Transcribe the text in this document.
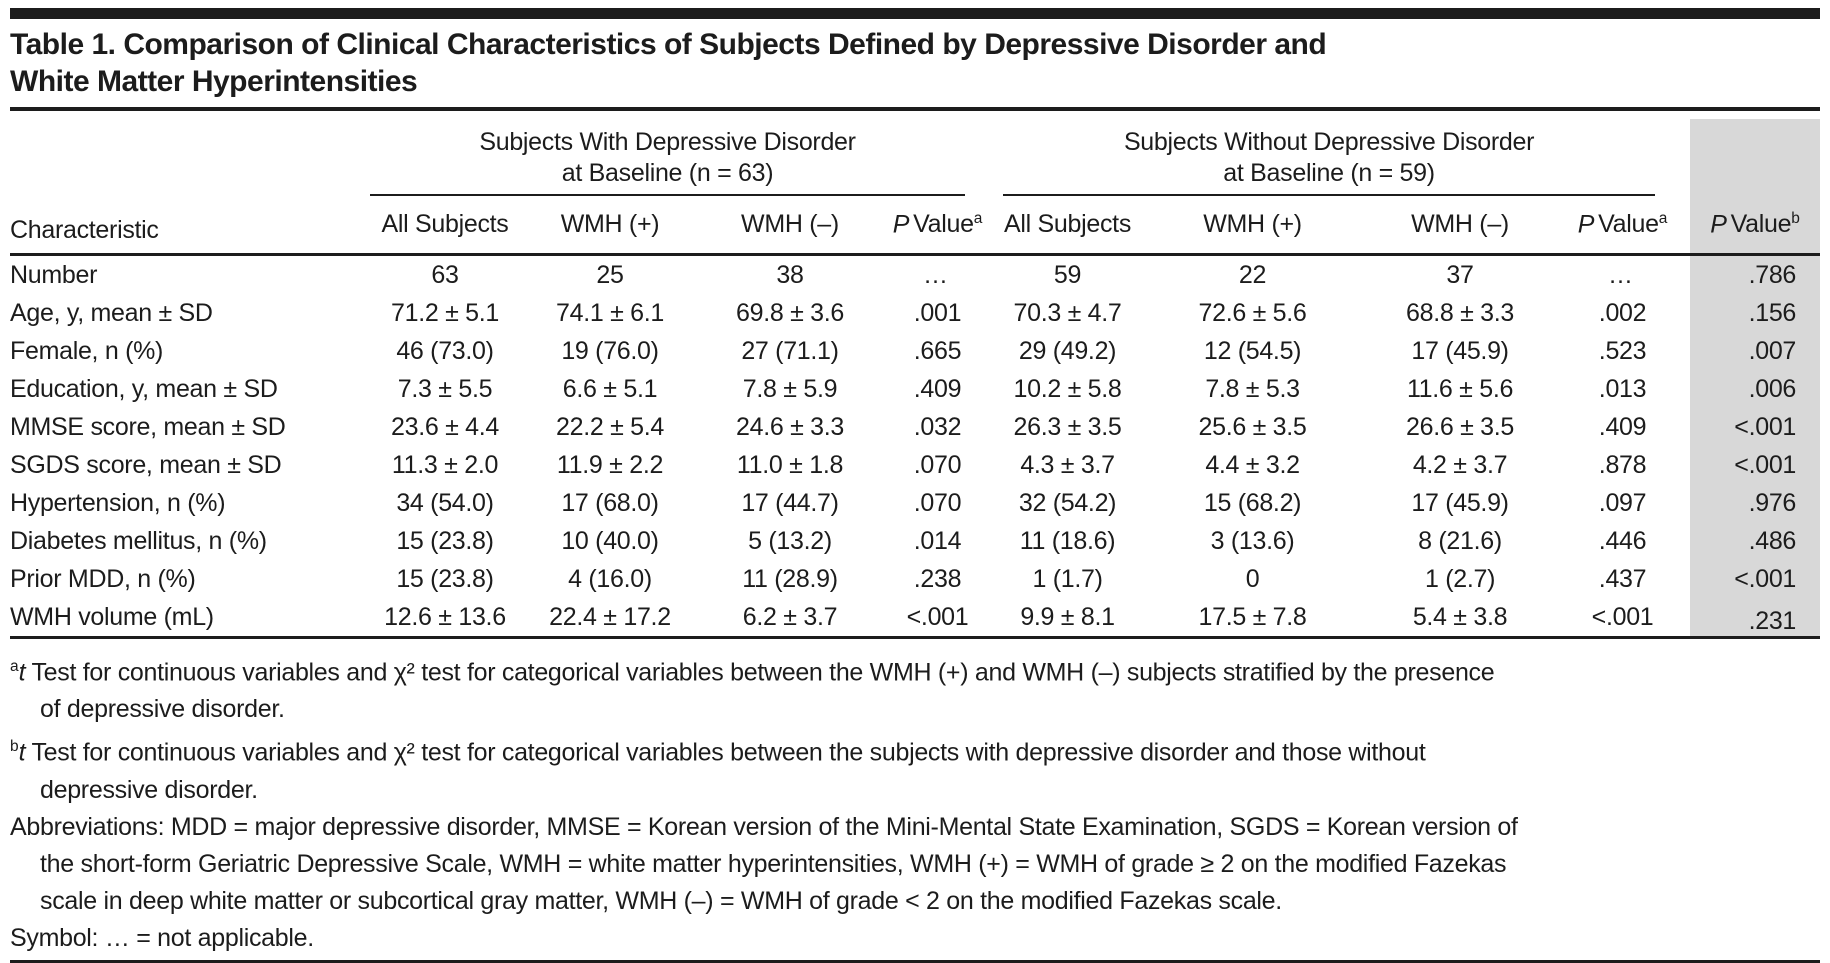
Table 1. Comparison of Clinical Characteristics of Subjects Defined by Depressive Disorder and
White Matter Hyperintensities

Subjects With Depressive Disorder
at Baseline (n = 63)

Subjects Without Depressive Disorder
at Baseline (n = 59)

Characteristic	All Subjects	WMH (+)	WMH (–)	P Value$^a$	All Subjects	WMH (+)	WMH (–)	P Value$^a$	P Value$^b$
Number	63	25	38	…	59	22	37	…	.786
Age, y, mean ± SD	71.2 ± 5.1	74.1 ± 6.1	69.8 ± 3.6	.001	70.3 ± 4.7	72.6 ± 5.6	68.8 ± 3.3	.002	.156
Female, n (%)	46 (73.0)	19 (76.0)	27 (71.1)	.665	29 (49.2)	12 (54.5)	17 (45.9)	.523	.007
Education, y, mean ± SD	7.3 ± 5.5	6.6 ± 5.1	7.8 ± 5.9	.409	10.2 ± 5.8	7.8 ± 5.3	11.6 ± 5.6	.013	.006
MMSE score, mean ± SD	23.6 ± 4.4	22.2 ± 5.4	24.6 ± 3.3	.032	26.3 ± 3.5	25.6 ± 3.5	26.6 ± 3.5	.409	<.001
SGDS score, mean ± SD	11.3 ± 2.0	11.9 ± 2.2	11.0 ± 1.8	.070	4.3 ± 3.7	4.4 ± 3.2	4.2 ± 3.7	.878	<.001
Hypertension, n (%)	34 (54.0)	17 (68.0)	17 (44.7)	.070	32 (54.2)	15 (68.2)	17 (45.9)	.097	.976
Diabetes mellitus, n (%)	15 (23.8)	10 (40.0)	5 (13.2)	.014	11 (18.6)	3 (13.6)	8 (21.6)	.446	.486
Prior MDD, n (%)	15 (23.8)	4 (16.0)	11 (28.9)	.238	1 (1.7)	0	1 (2.7)	.437	<.001
WMH volume (mL)	12.6 ± 13.6	22.4 ± 17.2	6.2 ± 3.7	<.001	9.9 ± 8.1	17.5 ± 7.8	5.4 ± 3.8	<.001	.231
$^a$t Test for continuous variables and χ² test for categorical variables between the WMH (+) and WMH (–) subjects stratified by the presence
of depressive disorder.
$^b$t Test for continuous variables and χ² test for categorical variables between the subjects with depressive disorder and those without
depressive disorder.
Abbreviations: MDD = major depressive disorder, MMSE = Korean version of the Mini-Mental State Examination, SGDS = Korean version of
the short-form Geriatric Depressive Scale, WMH = white matter hyperintensities, WMH (+) = WMH of grade ≥ 2 on the modified Fazekas
scale in deep white matter or subcortical gray matter, WMH (–) = WMH of grade < 2 on the modified Fazekas scale.
Symbol: … = not applicable.
